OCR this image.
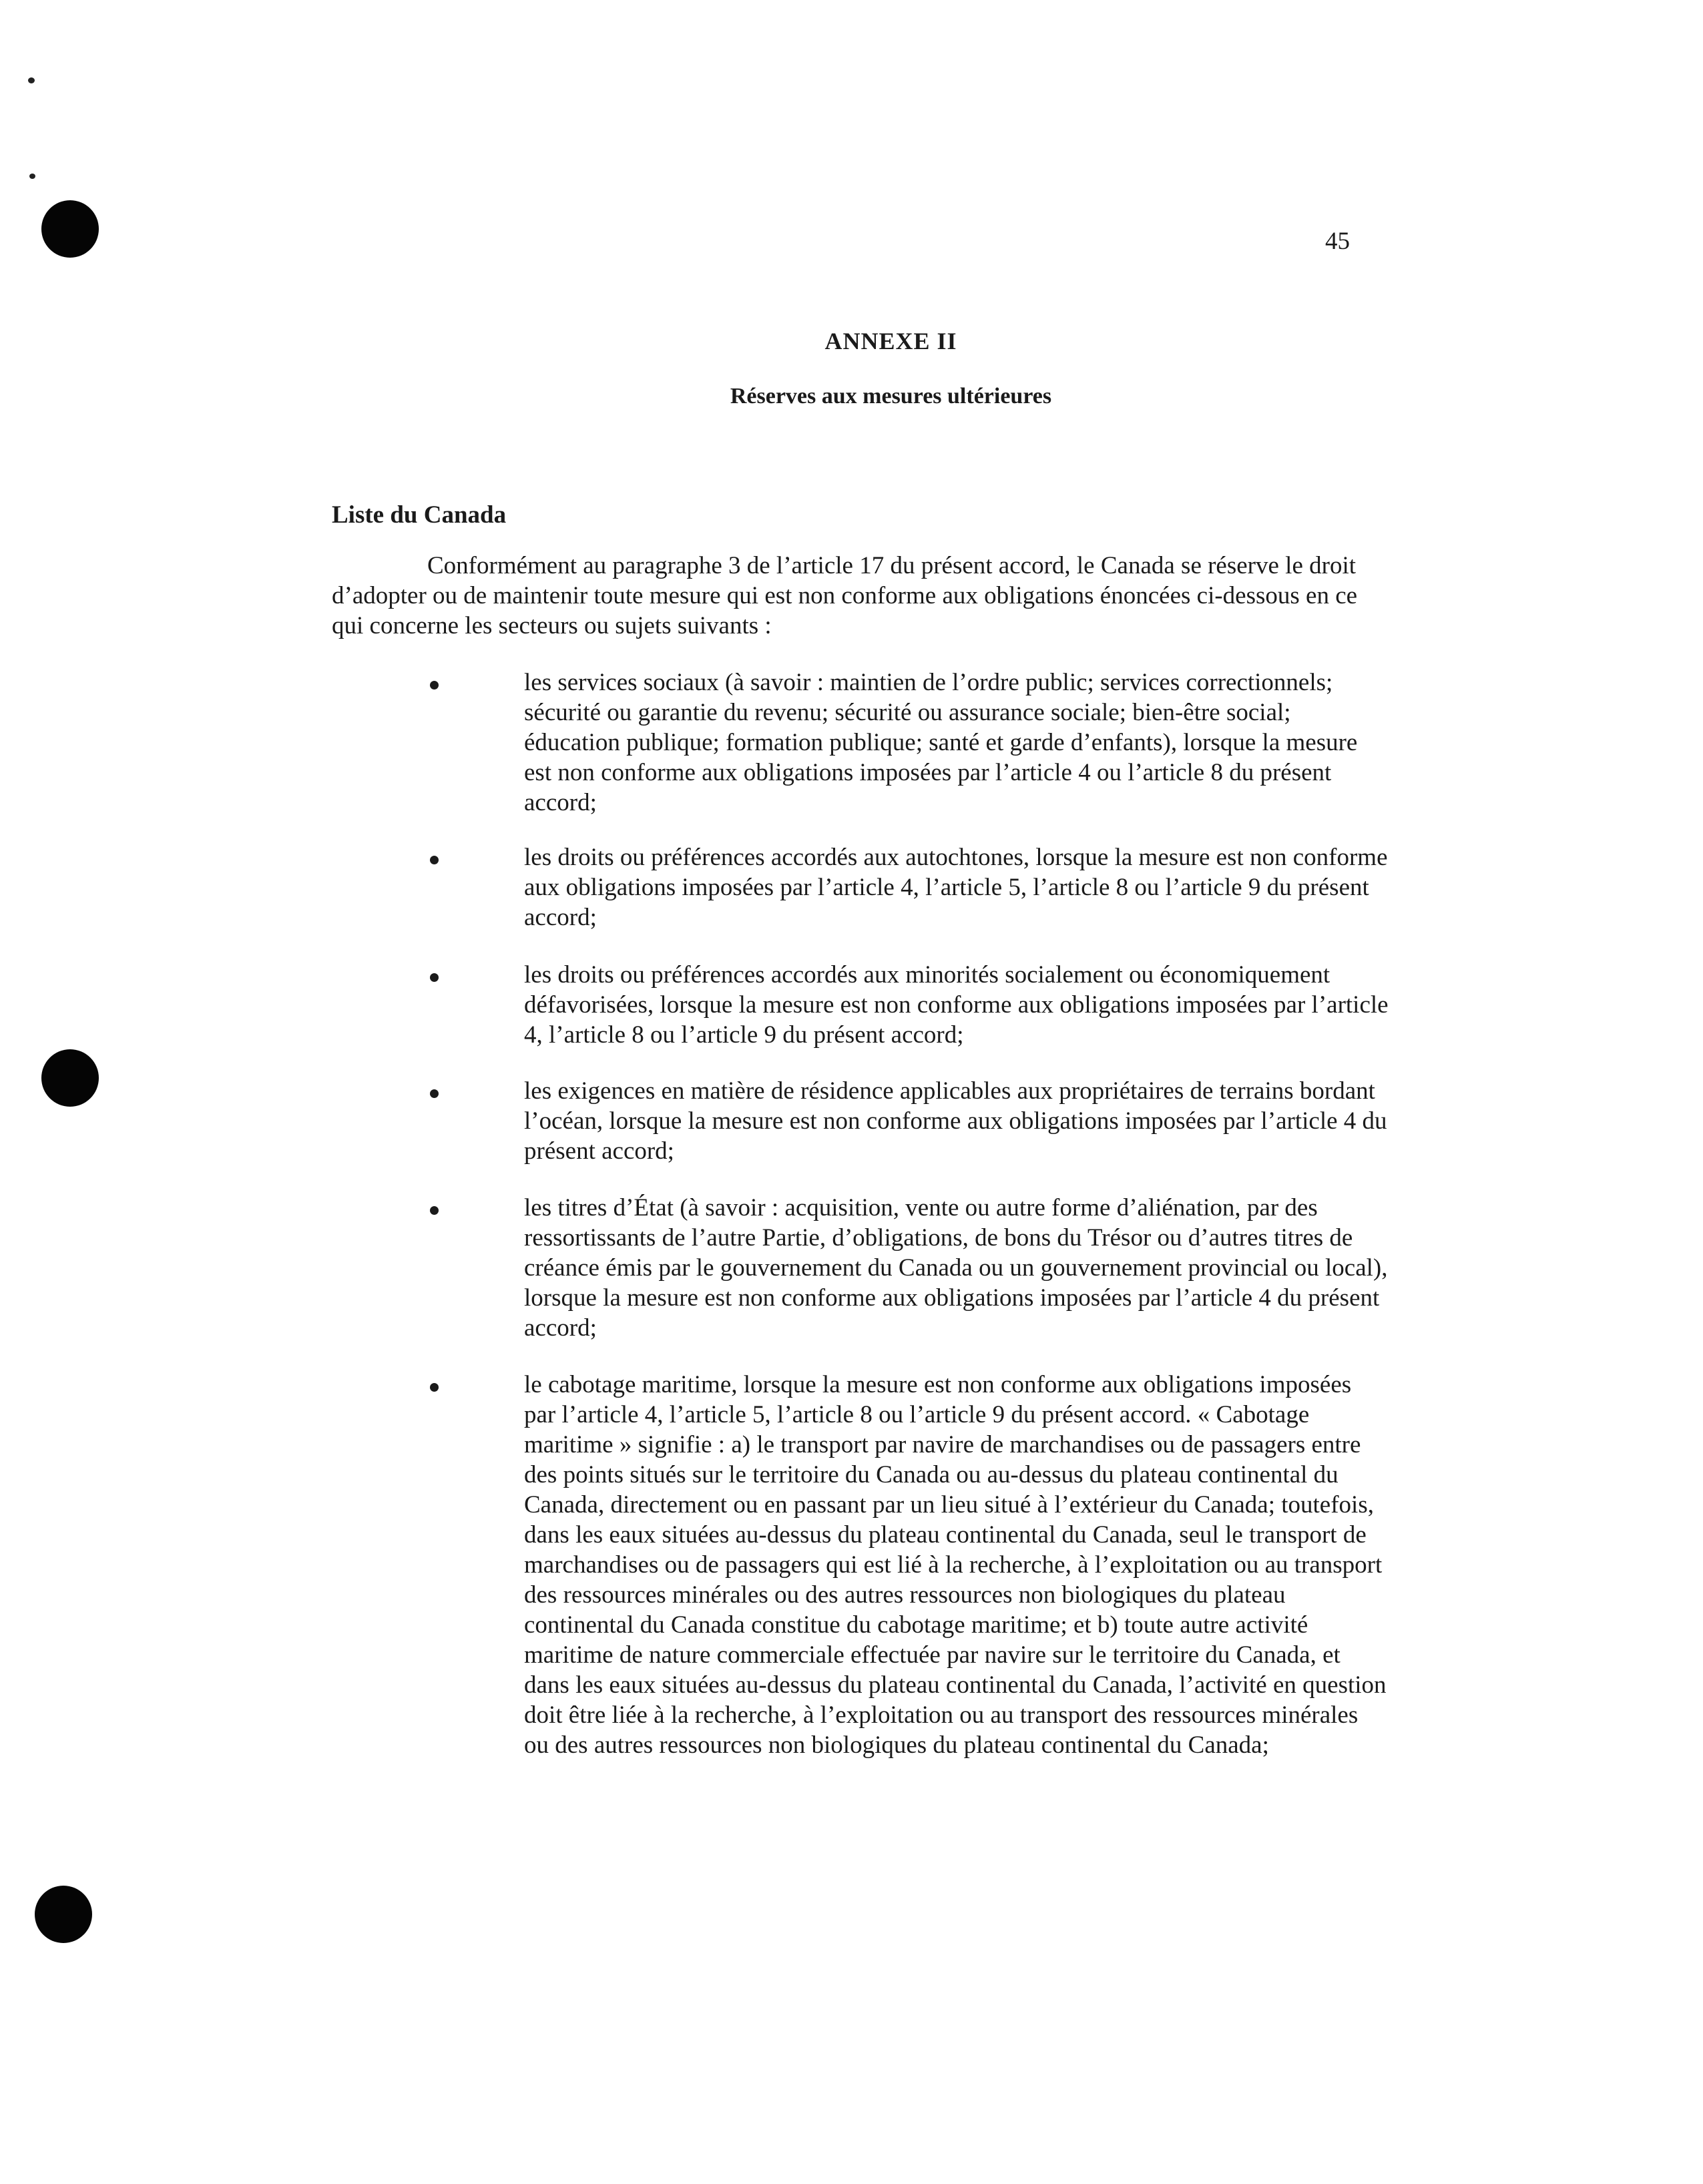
45
ANNEXE II
Réserves aux mesures ultérieures
Liste du Canada
Conformément au paragraphe 3 de l’article 17 du présent accord, le Canada se réserve le droit d’adopter ou de maintenir toute mesure qui est non conforme aux obligations énoncées ci-dessous en ce qui concerne les secteurs ou sujets suivants :
les services sociaux (à savoir : maintien de l’ordre public; services correctionnels; sécurité ou garantie du revenu; sécurité ou assurance sociale; bien-être social; éducation publique; formation publique; santé et garde d’enfants), lorsque la mesure est non conforme aux obligations imposées par l’article 4 ou l’article 8 du présent accord;
les droits ou préférences accordés aux autochtones, lorsque la mesure est non conforme aux obligations imposées par l’article 4, l’article 5, l’article 8 ou l’article 9 du présent accord;
les droits ou préférences accordés aux minorités socialement ou économiquement défavorisées, lorsque la mesure est non conforme aux obligations imposées par l’article 4, l’article 8 ou l’article 9 du présent accord;
les exigences en matière de résidence applicables aux propriétaires de terrains bordant l’océan, lorsque la mesure est non conforme aux obligations imposées par l’article 4 du présent accord;
les titres d’État (à savoir : acquisition, vente ou autre forme d’aliénation, par des ressortissants de l’autre Partie, d’obligations, de bons du Trésor ou d’autres titres de créance émis par le gouvernement du Canada ou un gouvernement provincial ou local), lorsque la mesure est non conforme aux obligations imposées par l’article 4 du présent accord;
le cabotage maritime, lorsque la mesure est non conforme aux obligations imposées par l’article 4, l’article 5, l’article 8 ou l’article 9 du présent accord. « Cabotage maritime » signifie : a) le transport par navire de marchandises ou de passagers entre des points situés sur le territoire du Canada ou au-dessus du plateau continental du Canada, directement ou en passant par un lieu situé à l’extérieur du Canada; toutefois, dans les eaux situées au-dessus du plateau continental du Canada, seul le transport de marchandises ou de passagers qui est lié à la recherche, à l’exploitation ou au transport des ressources minérales ou des autres ressources non biologiques du plateau continental du Canada constitue du cabotage maritime; et b) toute autre activité maritime de nature commerciale effectuée par navire sur le territoire du Canada, et dans les eaux situées au-dessus du plateau continental du Canada, l’activité en question doit être liée à la recherche, à l’exploitation ou au transport des ressources minérales ou des autres ressources non biologiques du plateau continental du Canada;
